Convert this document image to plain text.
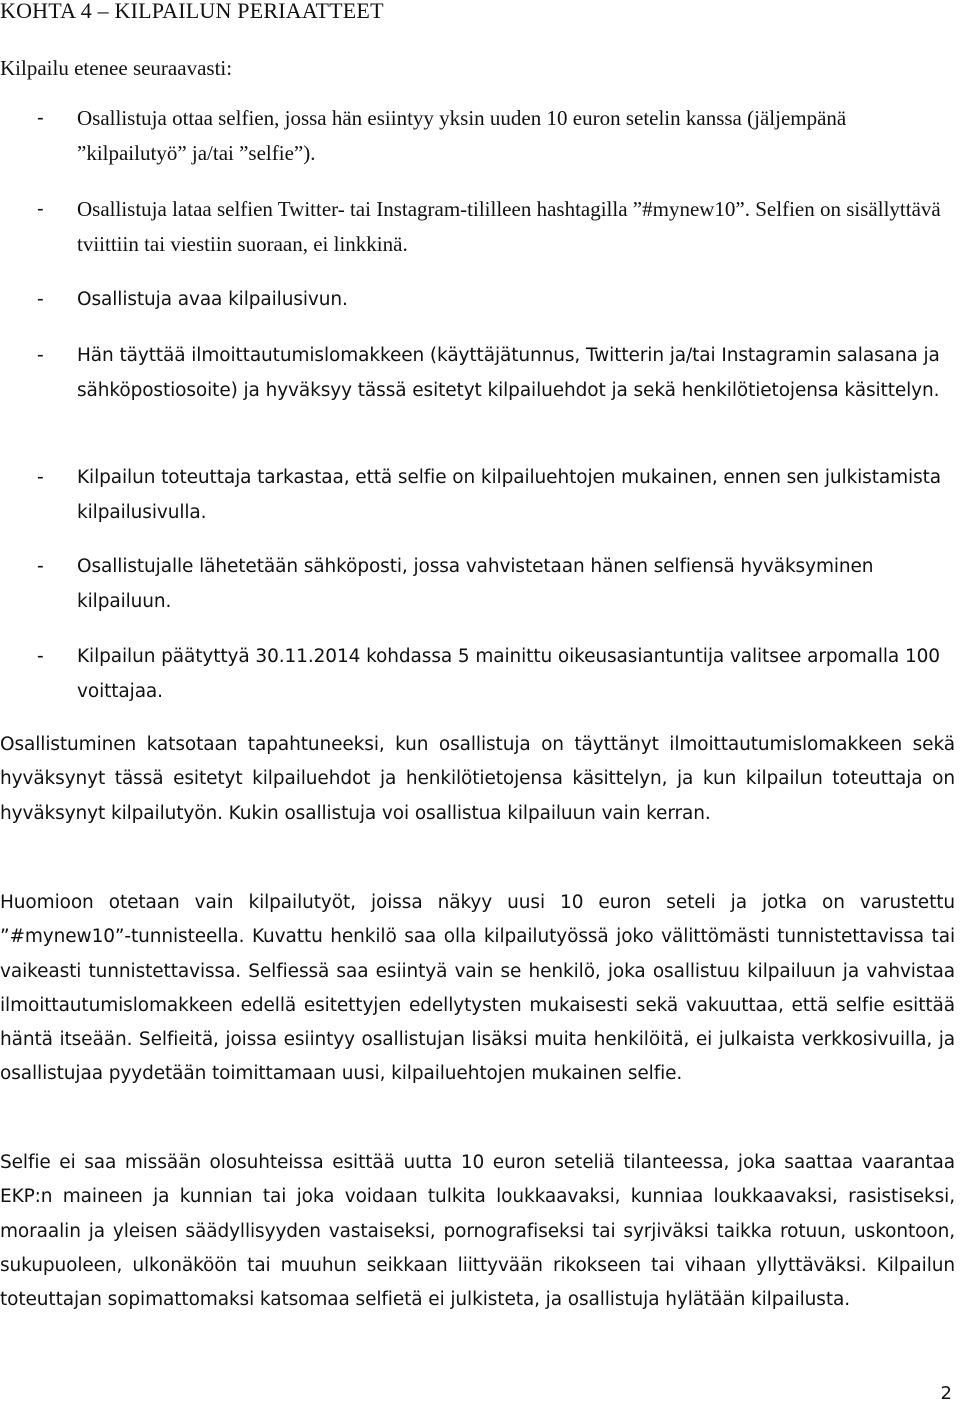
KOHTA 4 – KILPAILUN PERIAATTEET
Kilpailu etenee seuraavasti:
- Osallistuja ottaa selfien, jossa hän esiintyy yksin uuden 10 euron setelin kanssa (jäljempänä ”kilpailutyö” ja/tai ”selfie”).
- Osallistuja lataa selfien Twitter- tai Instagram-tililleen hashtagilla ”#mynew10”. Selfien on sisällyttävä tviittiin tai viestiin suoraan, ei linkkinä.
- Osallistuja avaa kilpailusivun.
- Hän täyttää ilmoittautumislomakkeen (käyttäjätunnus, Twitterin ja/tai Instagramin salasana ja sähköpostiosoite) ja hyväksyy tässä esitetyt kilpailuehdot ja sekä henkilötietojensa käsittelyn.
- Kilpailun toteuttaja tarkastaa, että selfie on kilpailuehtojen mukainen, ennen sen julkistamista kilpailusivulla.
- Osallistujalle lähetetään sähköposti, jossa vahvistetaan hänen selfiensä hyväksyminen kilpailuun.
- Kilpailun päätyttyä 30.11.2014 kohdassa 5 mainittu oikeusasiantuntija valitsee arpomalla 100 voittajaa.
Osallistuminen katsotaan tapahtuneeksi, kun osallistuja on täyttänyt ilmoittautumislomakkeen sekä hyväksynyt tässä esitetyt kilpailuehdot ja henkilötietojensa käsittelyn, ja kun kilpailun toteuttaja on hyväksynyt kilpailutyön. Kukin osallistuja voi osallistua kilpailuun vain kerran.
Huomioon otetaan vain kilpailutyöt, joissa näkyy uusi 10 euron seteli ja jotka on varustettu ”#mynew10”-tunnisteella. Kuvattu henkilö saa olla kilpailutyössä joko välittömästi tunnistettavissa tai vaikeasti tunnistettavissa. Selfiessä saa esiintyä vain se henkilö, joka osallistuu kilpailuun ja vahvistaa ilmoittautumislomakkeen edellä esitettyjen edellytysten mukaisesti sekä vakuuttaa, että selfie esittää häntä itseään. Selfieitä, joissa esiintyy osallistujan lisäksi muita henkilöitä, ei julkaista verkkosivuilla, ja osallistujaa pyydetään toimittamaan uusi, kilpailuehtojen mukainen selfie.
Selfie ei saa missään olosuhteissa esittää uutta 10 euron seteliä tilanteessa, joka saattaa vaarantaa EKP:n maineen ja kunnian tai joka voidaan tulkita loukkaavaksi, kunniaa loukkaavaksi, rasistiseksi, moraalin ja yleisen säädyllisyyden vastaiseksi, pornografiseksi tai syrjiväksi taikka rotuun, uskontoon, sukupuoleen, ulkonäköön tai muuhun seikkaan liittyvään rikokseen tai vihaan yllyttäväksi. Kilpailun toteuttajan sopimattomaksi katsomaa selfietä ei julkisteta, ja osallistuja hylätään kilpailusta.
2
